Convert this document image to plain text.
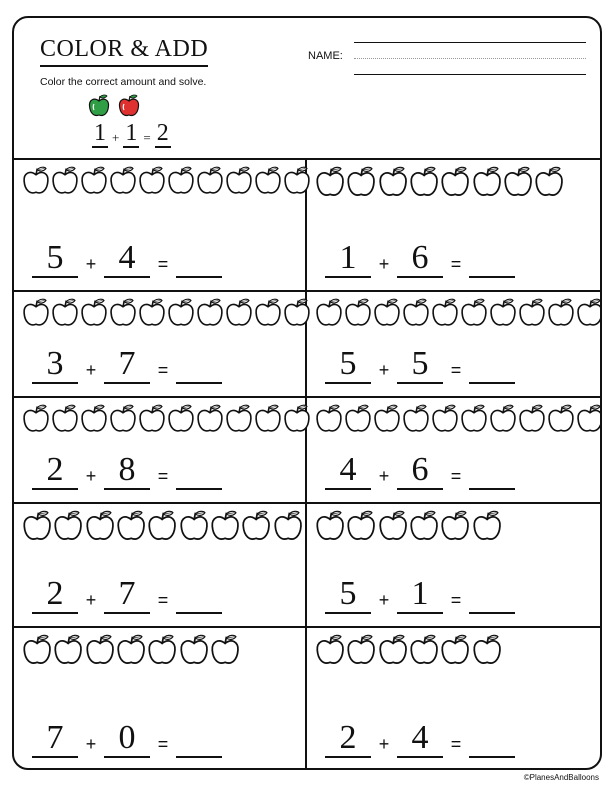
COLOR & ADD
Color the correct amount and solve.
1 + 1 = 2
NAME:
5	+ 4	=	1	+ 6	=
3	+ 7	=	5	+ 5	=
2	+ 8	=	4	+ 6	=
2	+ 7	=	5	+ 1	=
7	+ 0	=	2	+ 4	=
©PlanesAndBalloons
